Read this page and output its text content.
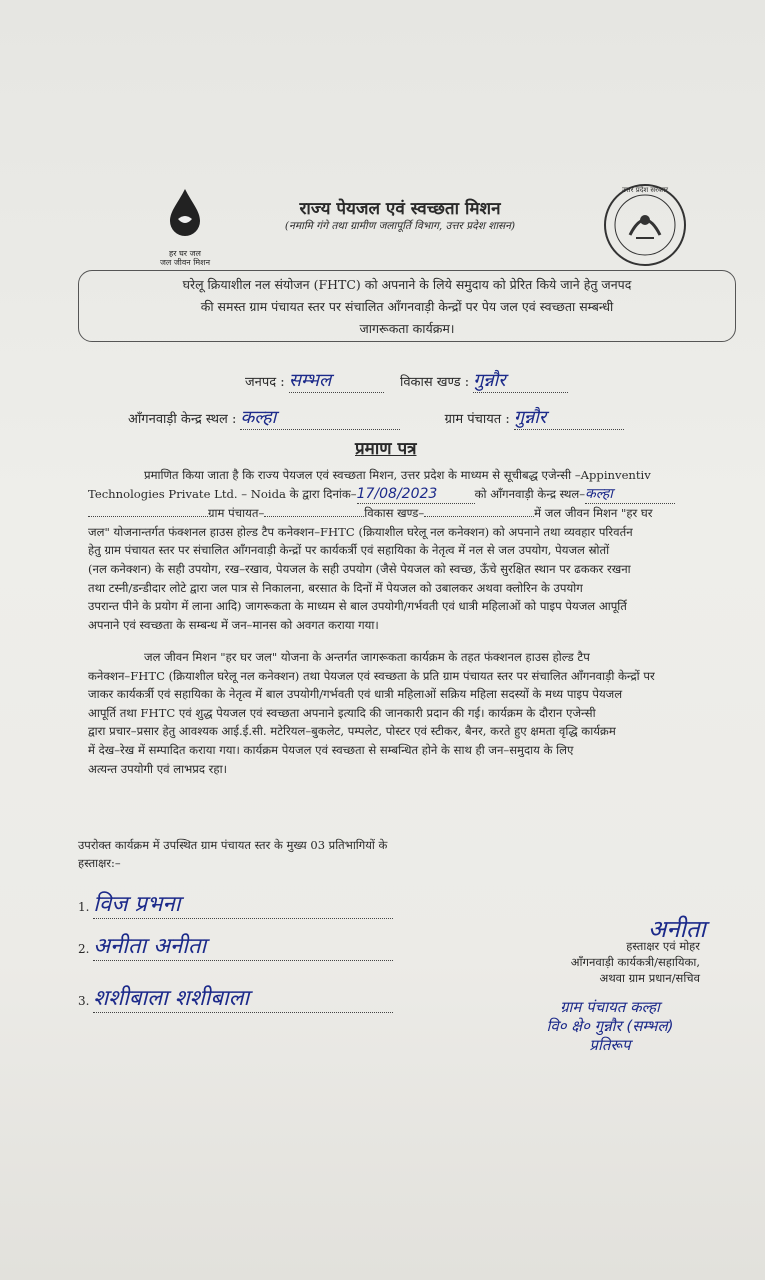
हर घर जल
जल जीवन मिशन
उत्तर प्रदेश सरकार
राज्य पेयजल एवं स्वच्छता मिशन
(नमामि गंगे तथा ग्रामीण जलापूर्ति विभाग, उत्तर प्रदेश शासन)
घरेलू क्रियाशील नल संयोजन (FHTC) को अपनाने के लिये समुदाय को प्रेरित किये जाने हेतु जनपद
की समस्त ग्राम पंचायत स्तर पर संचालित आँगनवाड़ी केन्द्रों पर पेय जल एवं स्वच्छता सम्बन्धी
जागरूकता कार्यक्रम।
जनपद : सम्भल	विकास खण्ड : गुन्नौर
आँगनवाड़ी केन्द्र स्थल : कल्हा	ग्राम पंचायत : गुन्नौर
प्रमाण पत्र
प्रमाणित किया जाता है कि राज्य पेयजल एवं स्वच्छता मिशन, उत्तर प्रदेश के माध्यम से सूचीबद्ध एजेन्सी –Appinventiv
Technologies Private Ltd. – Noida के द्वारा दिनांक–17/08/2023	को आँगनवाड़ी केन्द्र स्थल–कल्हा
ग्राम पंचायत–	विकास खण्ड–	में जल जीवन मिशन "हर घर
जल" योजनान्तर्गत फंक्शनल हाउस होल्ड टैप कनेक्शन–FHTC (क्रियाशील घरेलू नल कनेक्शन) को अपनाने तथा व्यवहार परिवर्तन
हेतु ग्राम पंचायत स्तर पर संचालित आँगनवाड़ी केन्द्रों पर कार्यकर्त्री एवं सहायिका के नेतृत्व में नल से जल उपयोग, पेयजल स्रोतों
(नल कनेक्शन) के सही उपयोग, रख–रखाव, पेयजल के सही उपयोग (जैसे पेयजल को स्वच्छ, ऊँचे सुरक्षित स्थान पर ढककर रखना
तथा टस्नी/डन्डीदार लोटे द्वारा जल पात्र से निकालना, बरसात के दिनों में पेयजल को उबालकर अथवा क्लोरिन के उपयोग
उपरान्त पीने के प्रयोग में लाना आदि) जागरूकता के माध्यम से बाल उपयोगी/गर्भवती एवं धात्री महिलाओं को पाइप पेयजल आपूर्ति
अपनाने एवं स्वच्छता के सम्बन्ध में जन–मानस को अवगत कराया गया।
जल जीवन मिशन "हर घर जल" योजना के अन्तर्गत जागरूकता कार्यक्रम के तहत फंक्शनल हाउस होल्ड टैप
कनेक्शन–FHTC (क्रियाशील घरेलू नल कनेक्शन) तथा पेयजल एवं स्वच्छता के प्रति ग्राम पंचायत स्तर पर संचालित आँगनवाड़ी केन्द्रों पर
जाकर कार्यकर्त्री एवं सहायिका के नेतृत्व में बाल उपयोगी/गर्भवती एवं धात्री महिलाओं सक्रिय महिला सदस्यों के मध्य पाइप पेयजल
आपूर्ति तथा FHTC एवं शुद्ध पेयजल एवं स्वच्छता अपनाने इत्यादि की जानकारी प्रदान की गई। कार्यक्रम के दौरान एजेन्सी
द्वारा प्रचार–प्रसार हेतु आवश्यक आई.ई.सी. मटेरियल–बुकलेट, पम्पलेट, पोस्टर एवं स्टीकर, बैनर, करते हुए क्षमता वृद्धि कार्यक्रम
में देख–रेख में सम्पादित कराया गया। कार्यक्रम पेयजल एवं स्वच्छता से सम्बन्धित होने के साथ ही जन–समुदाय के लिए
अत्यन्त उपयोगी एवं लाभप्रद रहा।
उपरोक्त कार्यक्रम में उपस्थित ग्राम पंचायत स्तर के मुख्य 03 प्रतिभागियों के
हस्ताक्षर:–
1. विज प्रभना
2. अनीता अनीता
3. शशीबाला शशीबाला
अनीता
हस्ताक्षर एवं मोहर
आँगनवाड़ी कार्यकत्री/सहायिका,
अथवा ग्राम प्रधान/सचिव
ग्राम पंचायत कल्हा
वि० क्षे० गुन्नौर (सम्भल)
प्रतिरूप
